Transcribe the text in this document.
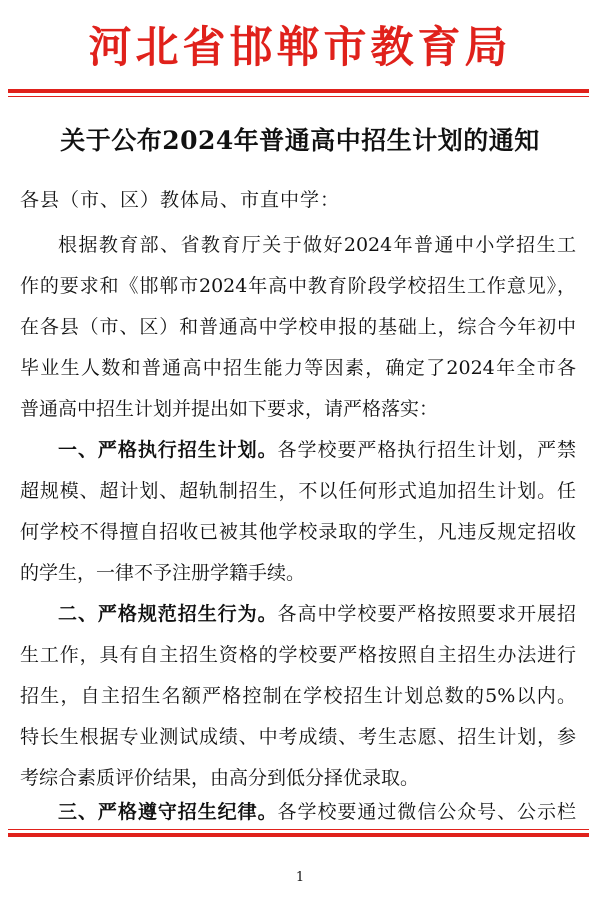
河北省邯郸市教育局
关于公布2024年普通高中招生计划的通知
各县（市、区）教体局、市直中学：
根据教育部、省教育厅关于做好2024年普通中小学招生工
作的要求和《邯郸市2024年高中教育阶段学校招生工作意见》，
在各县（市、区）和普通高中学校申报的基础上，综合今年初中
毕业生人数和普通高中招生能力等因素，确定了2024年全市各
普通高中招生计划并提出如下要求，请严格落实：
一、严格执行招生计划。各学校要严格执行招生计划，严禁
超规模、超计划、超轨制招生，不以任何形式追加招生计划。任
何学校不得擅自招收已被其他学校录取的学生，凡违反规定招收
的学生，一律不予注册学籍手续。
二、严格规范招生行为。各高中学校要严格按照要求开展招
生工作，具有自主招生资格的学校要严格按照自主招生办法进行
招生，自主招生名额严格控制在学校招生计划总数的5%以内。
特长生根据专业测试成绩、中考成绩、考生志愿、招生计划，参
考综合素质评价结果，由高分到低分择优录取。
三、严格遵守招生纪律。各学校要通过微信公众号、公示栏
1
